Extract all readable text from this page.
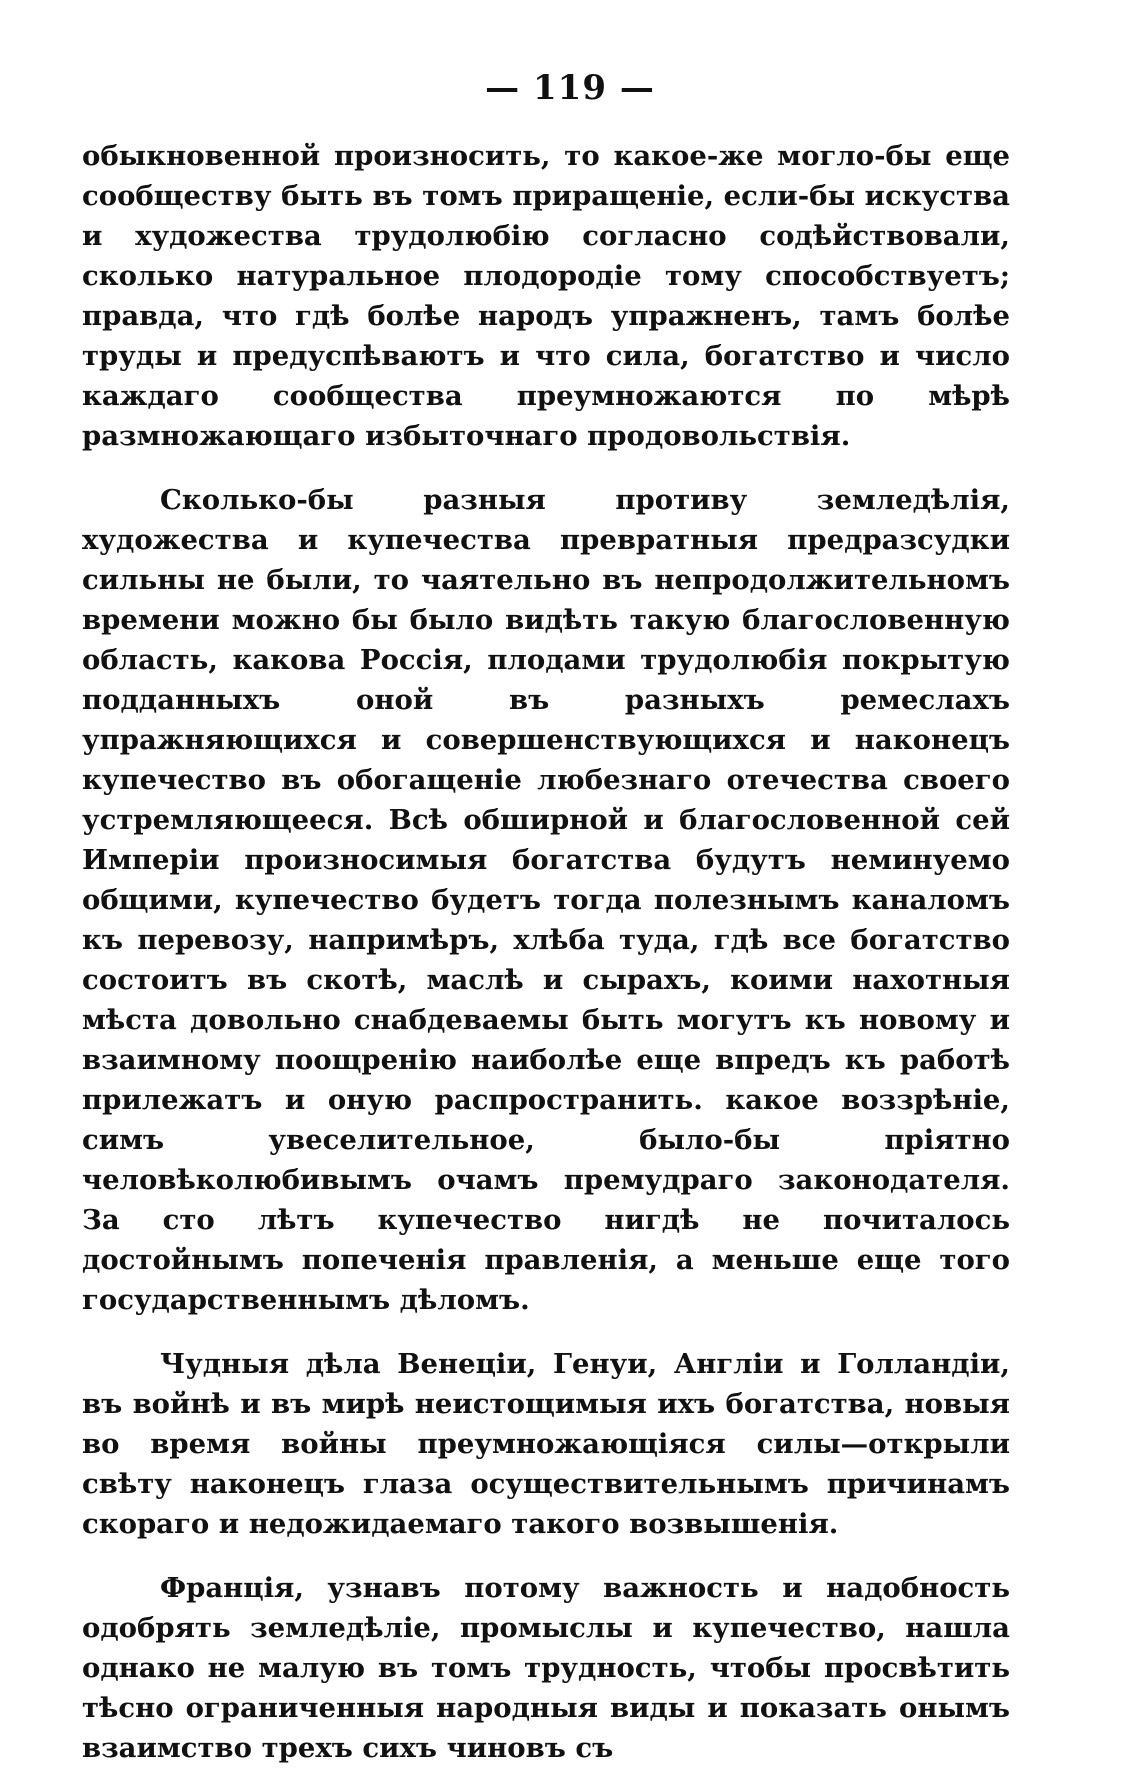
— 119 —

обыкновенной произносить, то какое-же могло-бы еще сообществу быть въ томъ приращеніе, если-бы искуства и художества трудолюбію согласно содѣйствовали, сколько натуральное плодородіе тому способствуетъ; правда, что гдѣ болѣе народъ упражненъ, тамъ болѣе труды и предуспѣваютъ и что сила, богатство и число каждаго сообщества преумножаются по мѣрѣ размножающаго избыточнаго продовольствія.

Сколько-бы разныя противу земледѣлія, художества и купечества превратныя предразсудки сильны не были, то чаятельно въ непродолжительномъ времени можно бы было видѣть такую благословенную область, какова Россія, плодами трудолюбія покрытую подданныхъ оной въ разныхъ ремеслахъ упражняющихся и совершенствующихся и наконецъ купечество въ обогащеніе любезнаго отечества своего устремляющееся. Всѣ обширной и благословенной сей Имперіи произносимыя богатства будутъ неминуемо общими, купечество будетъ тогда полезнымъ каналомъ къ перевозу, напримѣръ, хлѣба туда, гдѣ все богатство состоитъ въ скотѣ, маслѣ и сырахъ, коими нахотныя мѣста довольно снабдеваемы быть могутъ къ новому и взаимному поощренію наиболѣе еще впредъ къ работѣ прилежатъ и оную распространить. какое воззрѣніе, симъ увеселительное, было-бы пріятно человѣколюбивымъ очамъ премудраго законодателя. За сто лѣтъ купечество нигдѣ не почиталось достойнымъ попеченія правленія, а меньше еще того государственнымъ дѣломъ.

Чудныя дѣла Венеціи, Генуи, Англіи и Голландіи, въ войнѣ и въ мирѣ неистощимыя ихъ богатства, новыя во время войны преумножающіяся силы—открыли свѣту наконецъ глаза осуществительнымъ причинамъ скораго и недожидаемаго такого возвышенія.

Франція, узнавъ потому важность и надобность одобрять земледѣліе, промыслы и купечество, нашла однако не малую въ томъ трудность, чтобы просвѣтить тѣсно ограниченныя народныя виды и показать онымъ взаимство трехъ сихъ чиновъ съ
